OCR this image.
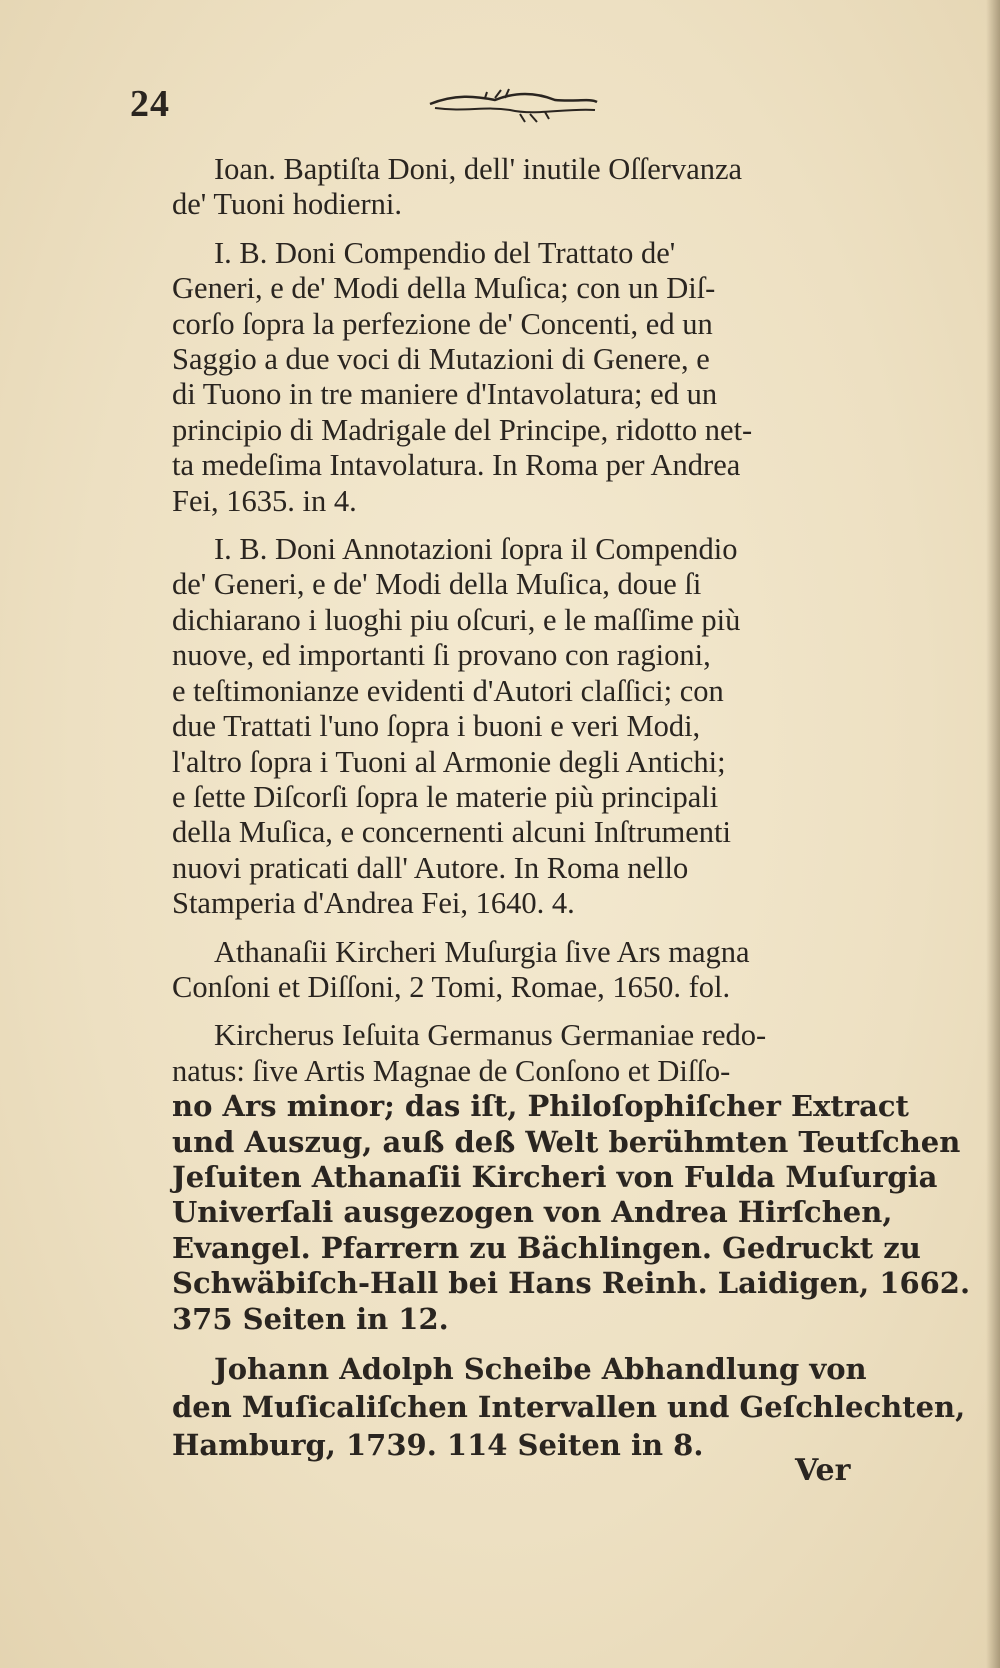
24
Ioan. Baptiſta Doni, dell' inutile Oſſervanza
de' Tuoni hodierni.
I. B. Doni Compendio del Trattato de'
Generi, e de' Modi della Muſica; con un Diſ-
corſo ſopra la perfezione de' Concenti, ed un
Saggio a due voci di Mutazioni di Genere, e
di Tuono in tre maniere d'Intavolatura; ed un
principio di Madrigale del Principe, ridotto net-
ta medeſima Intavolatura. In Roma per Andrea
Fei, 1635. in 4.
I. B. Doni Annotazioni ſopra il Compendio
de' Generi, e de' Modi della Muſica, doue ſi
dichiarano i luoghi piu oſcuri, e le maſſime più
nuove, ed importanti ſi provano con ragioni,
e teſtimonianze evidenti d'Autori claſſici; con
due Trattati l'uno ſopra i buoni e veri Modi,
l'altro ſopra i Tuoni al Armonie degli Antichi;
e ſette Diſcorſi ſopra le materie più principali
della Muſica, e concernenti alcuni Inſtrumenti
nuovi praticati dall' Autore. In Roma nello
Stamperia d'Andrea Fei, 1640. 4.
Athanaſii Kircheri Muſurgia ſive Ars magna
Conſoni et Diſſoni, 2 Tomi, Romae, 1650. fol.
Kircherus Ieſuita Germanus Germaniae redo-
natus: ſive Artis Magnae de Conſono et Diſſo-
no Ars minor; das iſt, Philoſophiſcher Extract
und Auszug, auß deß Welt berühmten Teutſchen
Jeſuiten Athanaſii Kircheri von Fulda Muſurgia
Univerſali ausgezogen von Andrea Hirſchen,
Evangel. Pfarrern zu Bächlingen. Gedruckt zu
Schwäbiſch-Hall bei Hans Reinh. Laidigen, 1662.
375 Seiten in 12.
Johann Adolph Scheibe Abhandlung von
den Muſicaliſchen Intervallen und Geſchlechten,
Hamburg, 1739. 114 Seiten in 8.
Ver
